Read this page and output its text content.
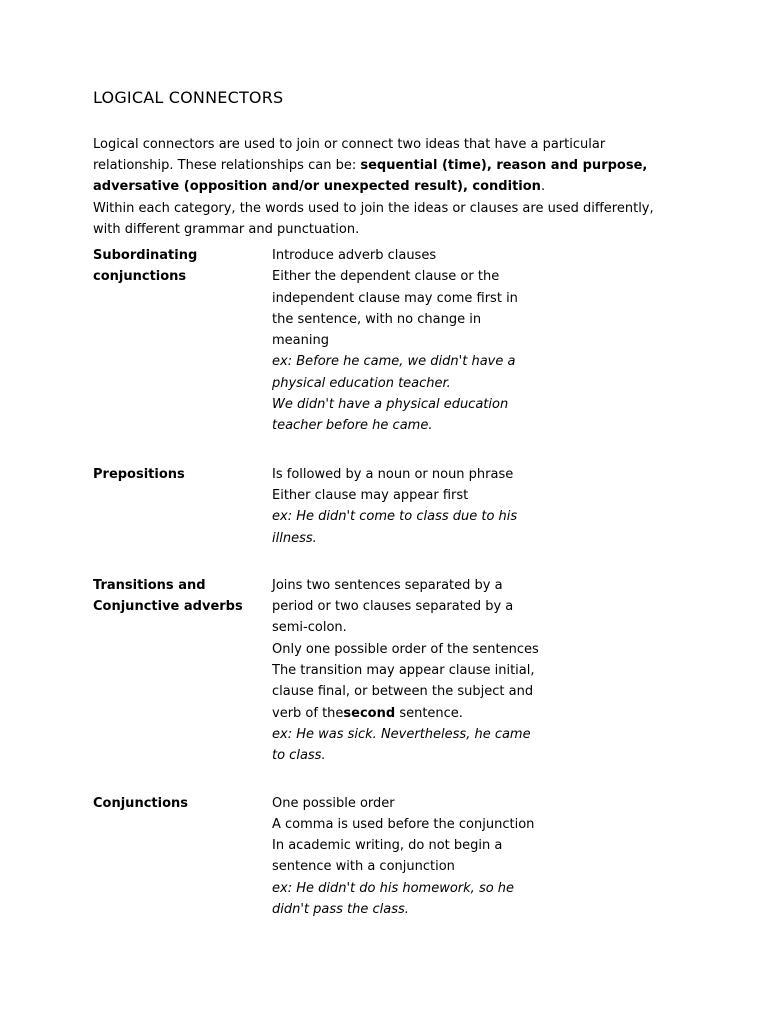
LOGICAL CONNECTORS
Logical connectors are used to join or connect two ideas that have a particular relationship. These relationships can be: sequential (time), reason and purpose, adversative (opposition and/or unexpected result), condition.
Within each category, the words used to join the ideas or clauses are used differently, with different grammar and punctuation.
Subordinating
conjunctions
Introduce adverb clauses
Either the dependent clause or the
independent clause may come first in
the sentence, with no change in
meaning
ex: Before he came, we didn't have a
physical education teacher.
We didn't have a physical education
teacher before he came.
Prepositions	Is followed by a noun or noun phrase
Either clause may appear first
ex: He didn't come to class due to his
illness.
Transitions and
Conjunctive adverbs
Joins two sentences separated by a
period or two clauses separated by a
semi-colon.
Only one possible order of the sentences
The transition may appear clause initial,
clause final, or between the subject and
verb of thesecond sentence.
ex: He was sick. Nevertheless, he came
to class.
Conjunctions	One possible order
A comma is used before the conjunction
In academic writing, do not begin a
sentence with a conjunction
ex: He didn't do his homework, so he
didn't pass the class.
